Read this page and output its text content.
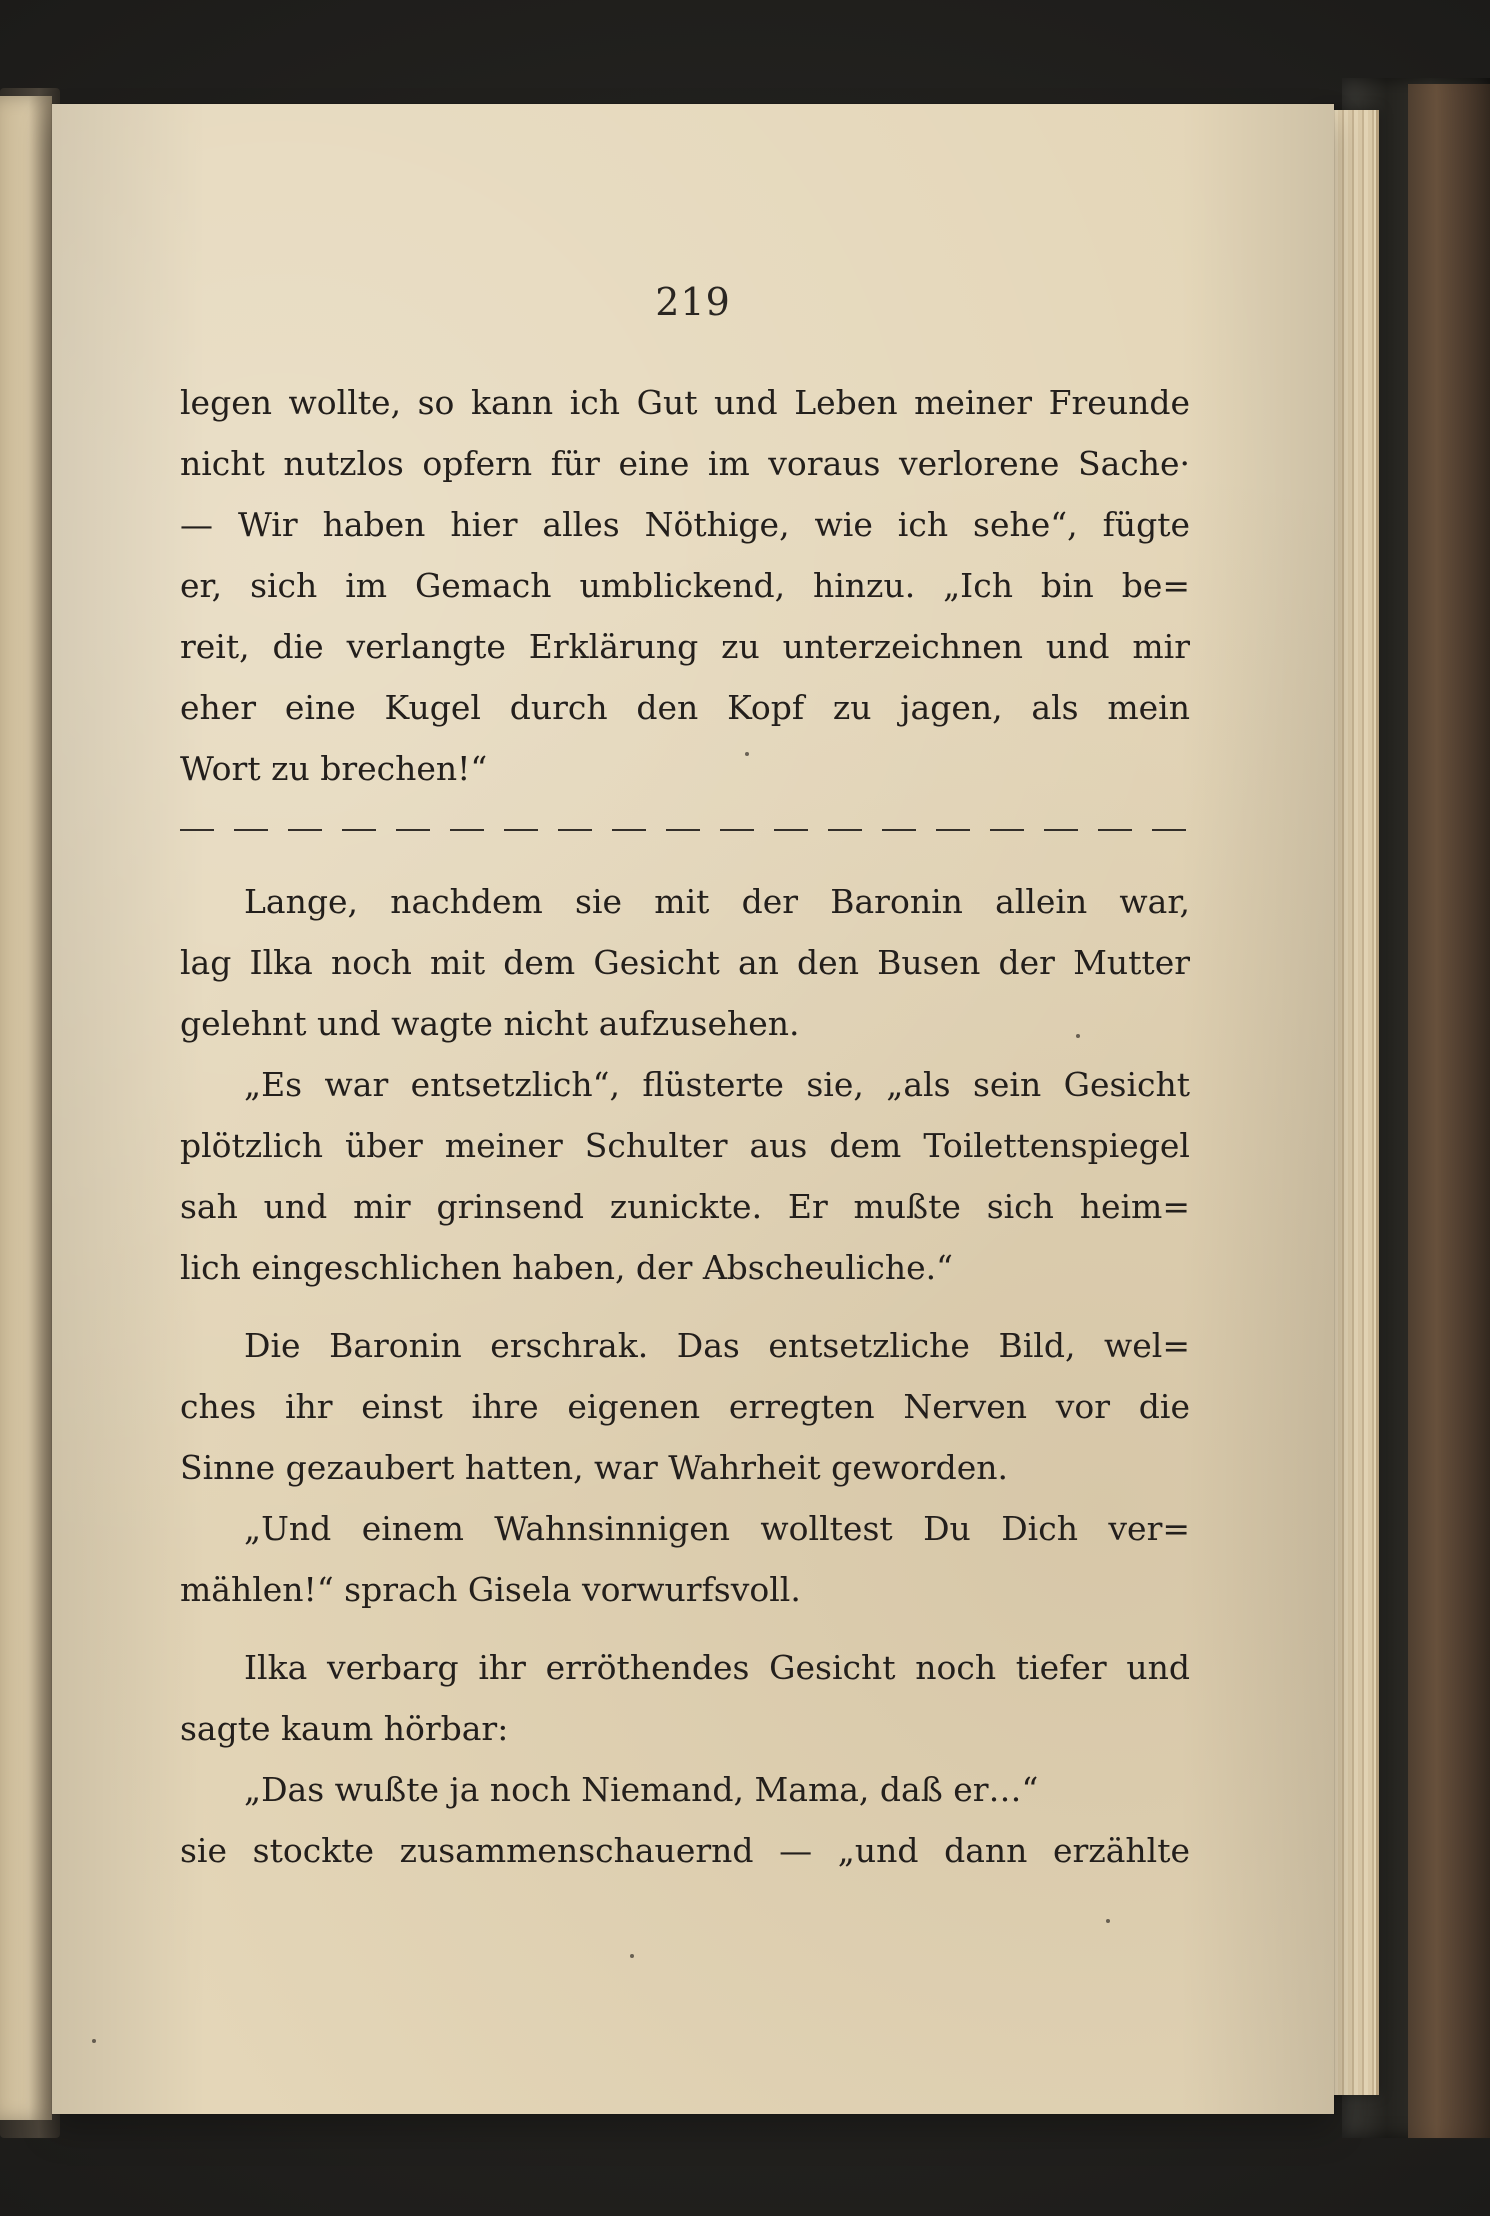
219
legen wollte, so kann ich Gut und Leben meiner Freunde
nicht nutzlos opfern für eine im voraus verlorene Sache·
— Wir haben hier alles Nöthige, wie ich sehe“, fügte
er, sich im Gemach umblickend, hinzu. „Ich bin be=
reit, die verlangte Erklärung zu unterzeichnen und mir
eher eine Kugel durch den Kopf zu jagen, als mein
Wort zu brechen!“
Lange, nachdem sie mit der Baronin allein war,
lag Ilka noch mit dem Gesicht an den Busen der Mutter
gelehnt und wagte nicht aufzusehen.
„Es war entsetzlich“, flüsterte sie, „als sein Gesicht
plötzlich über meiner Schulter aus dem Toilettenspiegel
sah und mir grinsend zunickte. Er mußte sich heim=
lich eingeschlichen haben, der Abscheuliche.“
Die Baronin erschrak. Das entsetzliche Bild, wel=
ches ihr einst ihre eigenen erregten Nerven vor die
Sinne gezaubert hatten, war Wahrheit geworden.
„Und einem Wahnsinnigen wolltest Du Dich ver=
mählen!“ sprach Gisela vorwurfsvoll.
Ilka verbarg ihr erröthendes Gesicht noch tiefer und
sagte kaum hörbar:
„Das wußte ja noch Niemand, Mama, daß er…“
sie stockte zusammenschauernd — „und dann erzählte
